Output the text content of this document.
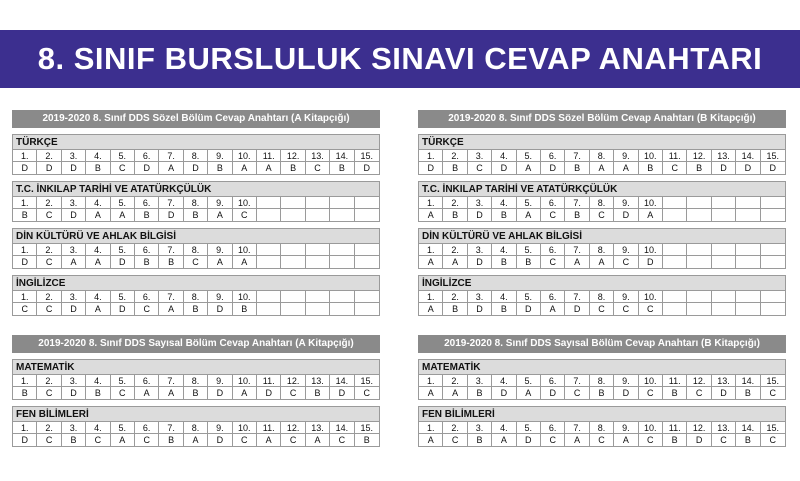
8. SINIF BURSLULUK SINAVI CEVAP ANAHTARI
2019-2020 8. Sınıf DDS Sözel Bölüm Cevap Anahtarı (A Kitapçığı)
TÜRKÇE
1.	2.	3.	4.	5.	6.	7.	8.	9.	10.	11.	12.	13.	14.	15.
D	D	D	B	C	D	A	D	B	A	A	B	C	B	D
T.C. İNKILAP TARİHİ VE ATATÜRKÇÜLÜK
1.	2.	3.	4.	5.	6.	7.	8.	9.	10.
B	C	D	A	A	B	D	B	A	C
DİN KÜLTÜRÜ VE AHLAK BİLGİSİ
1.	2.	3.	4.	5.	6.	7.	8.	9.	10.
D	C	A	A	D	B	B	C	A	A
İNGİLİZCE
1.	2.	3.	4.	5.	6.	7.	8.	9.	10.
C	C	D	A	D	C	A	B	D	B
2019-2020 8. Sınıf DDS Sözel Bölüm Cevap Anahtarı (B Kitapçığı)
TÜRKÇE
1.	2.	3.	4.	5.	6.	7.	8.	9.	10.	11.	12.	13.	14.	15.
D	B	C	D	A	D	B	A	A	B	C	B	D	D	D
T.C. İNKILAP TARİHİ VE ATATÜRKÇÜLÜK
1.	2.	3.	4.	5.	6.	7.	8.	9.	10.
A	B	D	B	A	C	B	C	D	A
DİN KÜLTÜRÜ VE AHLAK BİLGİSİ
1.	2.	3.	4.	5.	6.	7.	8.	9.	10.
A	A	D	B	B	C	A	A	C	D
İNGİLİZCE
1.	2.	3.	4.	5.	6.	7.	8.	9.	10.
A	B	D	B	D	A	D	C	C	C
2019-2020 8. Sınıf DDS Sayısal Bölüm Cevap Anahtarı (A Kitapçığı)
MATEMATİK
1.	2.	3.	4.	5.	6.	7.	8.	9.	10.	11.	12.	13.	14.	15.
B	C	D	B	C	A	A	B	D	A	D	C	B	D	C
FEN BİLİMLERİ
1.	2.	3.	4.	5.	6.	7.	8.	9.	10.	11.	12.	13.	14.	15.
D	C	B	C	A	C	B	A	D	C	A	C	A	C	B
2019-2020 8. Sınıf DDS Sayısal Bölüm Cevap Anahtarı (B Kitapçığı)
MATEMATİK
1.	2.	3.	4.	5.	6.	7.	8.	9.	10.	11.	12.	13.	14.	15.
A	A	B	D	A	D	C	B	D	C	B	C	D	B	C
FEN BİLİMLERİ
1.	2.	3.	4.	5.	6.	7.	8.	9.	10.	11.	12.	13.	14.	15.
A	C	B	A	D	C	A	C	A	C	B	D	C	B	C
